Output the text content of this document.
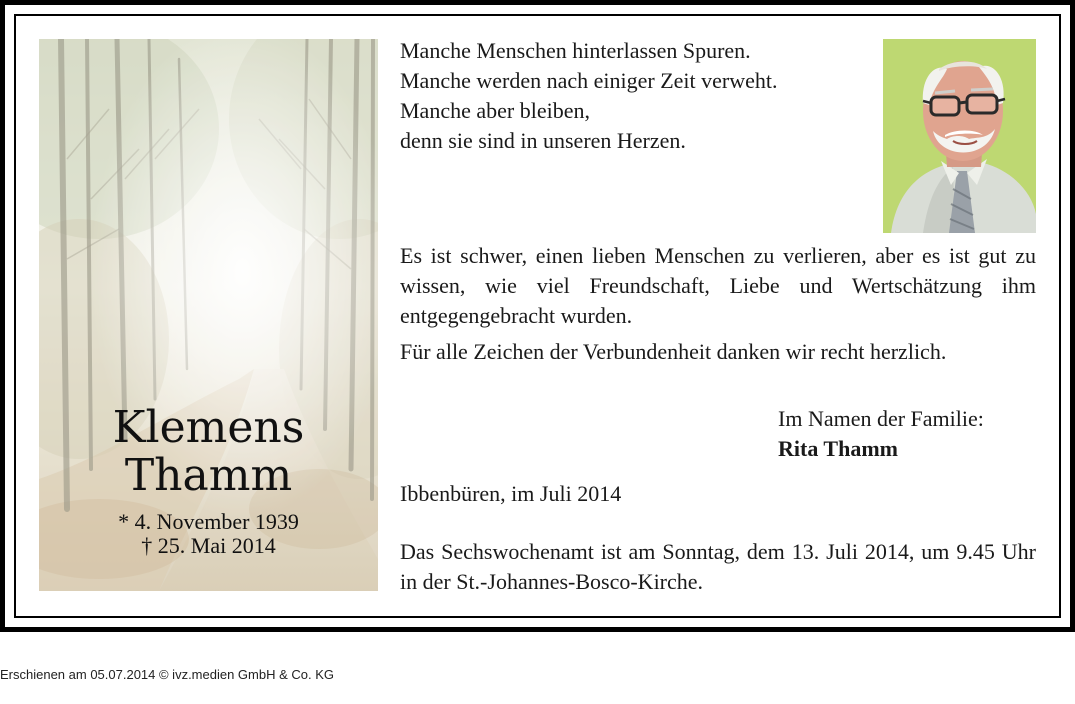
Klemens
Thamm
* 4. November 1939
† 25. Mai 2014
Manche Menschen hinterlassen Spuren.
Manche werden nach einiger Zeit verweht.
Manche aber bleiben,
denn sie sind in unseren Herzen.

Es ist schwer, einen lieben Menschen zu verlieren, aber es ist gut zu wissen, wie viel Freundschaft, Liebe und Wertschätzung ihm entgegengebracht wurden.

Für alle Zeichen der Verbundenheit danken wir recht herzlich.

Im Namen der Familie:
Rita Thamm
Ibbenbüren, im Juli 2014

Das Sechswochenamt ist am Sonntag, dem 13. Juli 2014, um 9.45 Uhr in der St.-Johannes-Bosco-Kirche.

Erschienen am 05.07.2014 © ivz.medien GmbH & Co. KG
